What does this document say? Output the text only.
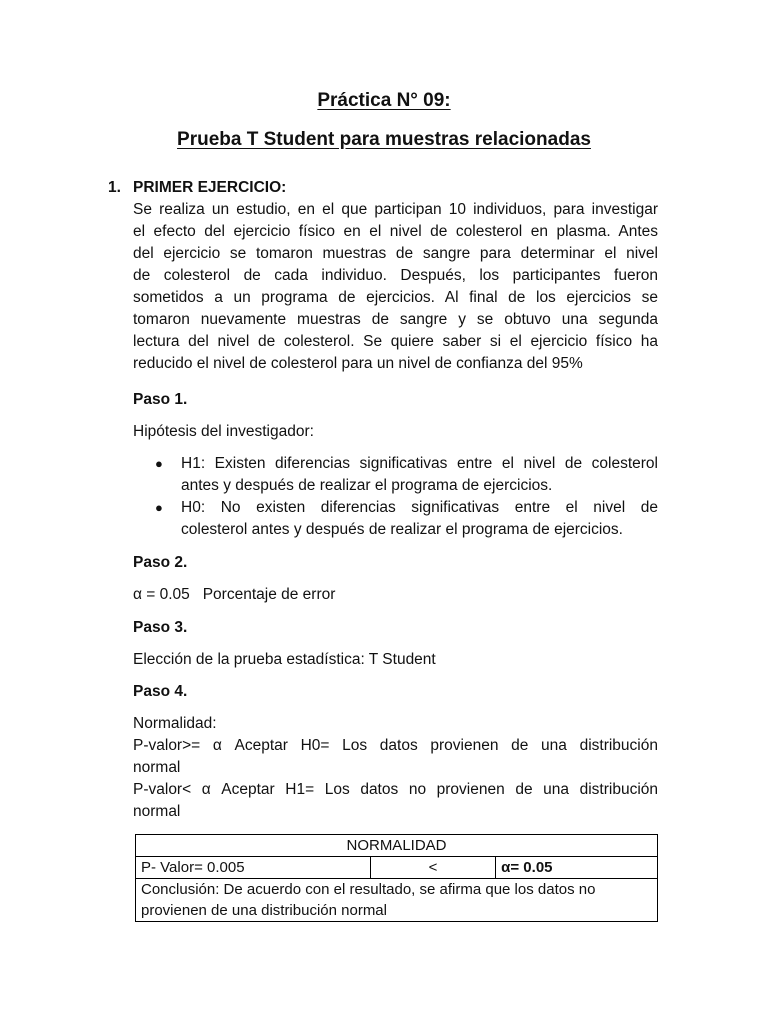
Práctica N° 09:
Prueba T Student para muestras relacionadas
1. PRIMER EJERCICIO:
Se realiza un estudio, en el que participan 10 individuos, para investigar
el efecto del ejercicio físico en el nivel de colesterol en plasma. Antes
del ejercicio se tomaron muestras de sangre para determinar el nivel
de colesterol de cada individuo. Después, los participantes fueron
sometidos a un programa de ejercicios. Al final de los ejercicios se
tomaron nuevamente muestras de sangre y se obtuvo una segunda
lectura del nivel de colesterol. Se quiere saber si el ejercicio físico ha
reducido el nivel de colesterol para un nivel de confianza del 95%
Paso 1.
Hipótesis del investigador:
● H1: Existen diferencias significativas entre el nivel de colesterol
antes y después de realizar el programa de ejercicios.
● H0: No existen diferencias significativas entre el nivel de
colesterol antes y después de realizar el programa de ejercicios.
Paso 2.
α = 0.05   Porcentaje de error
Paso 3.
Elección de la prueba estadística: T Student
Paso 4.
Normalidad:
P-valor>= α Aceptar H0= Los datos provienen de una distribución
normal
P-valor< α Aceptar H1= Los datos no provienen de una distribución
normal
NORMALIDAD
P- Valor= 0.005	<	α= 0.05

Conclusión: De acuerdo con el resultado, se afirma que los datos no
provienen de una distribución normal
